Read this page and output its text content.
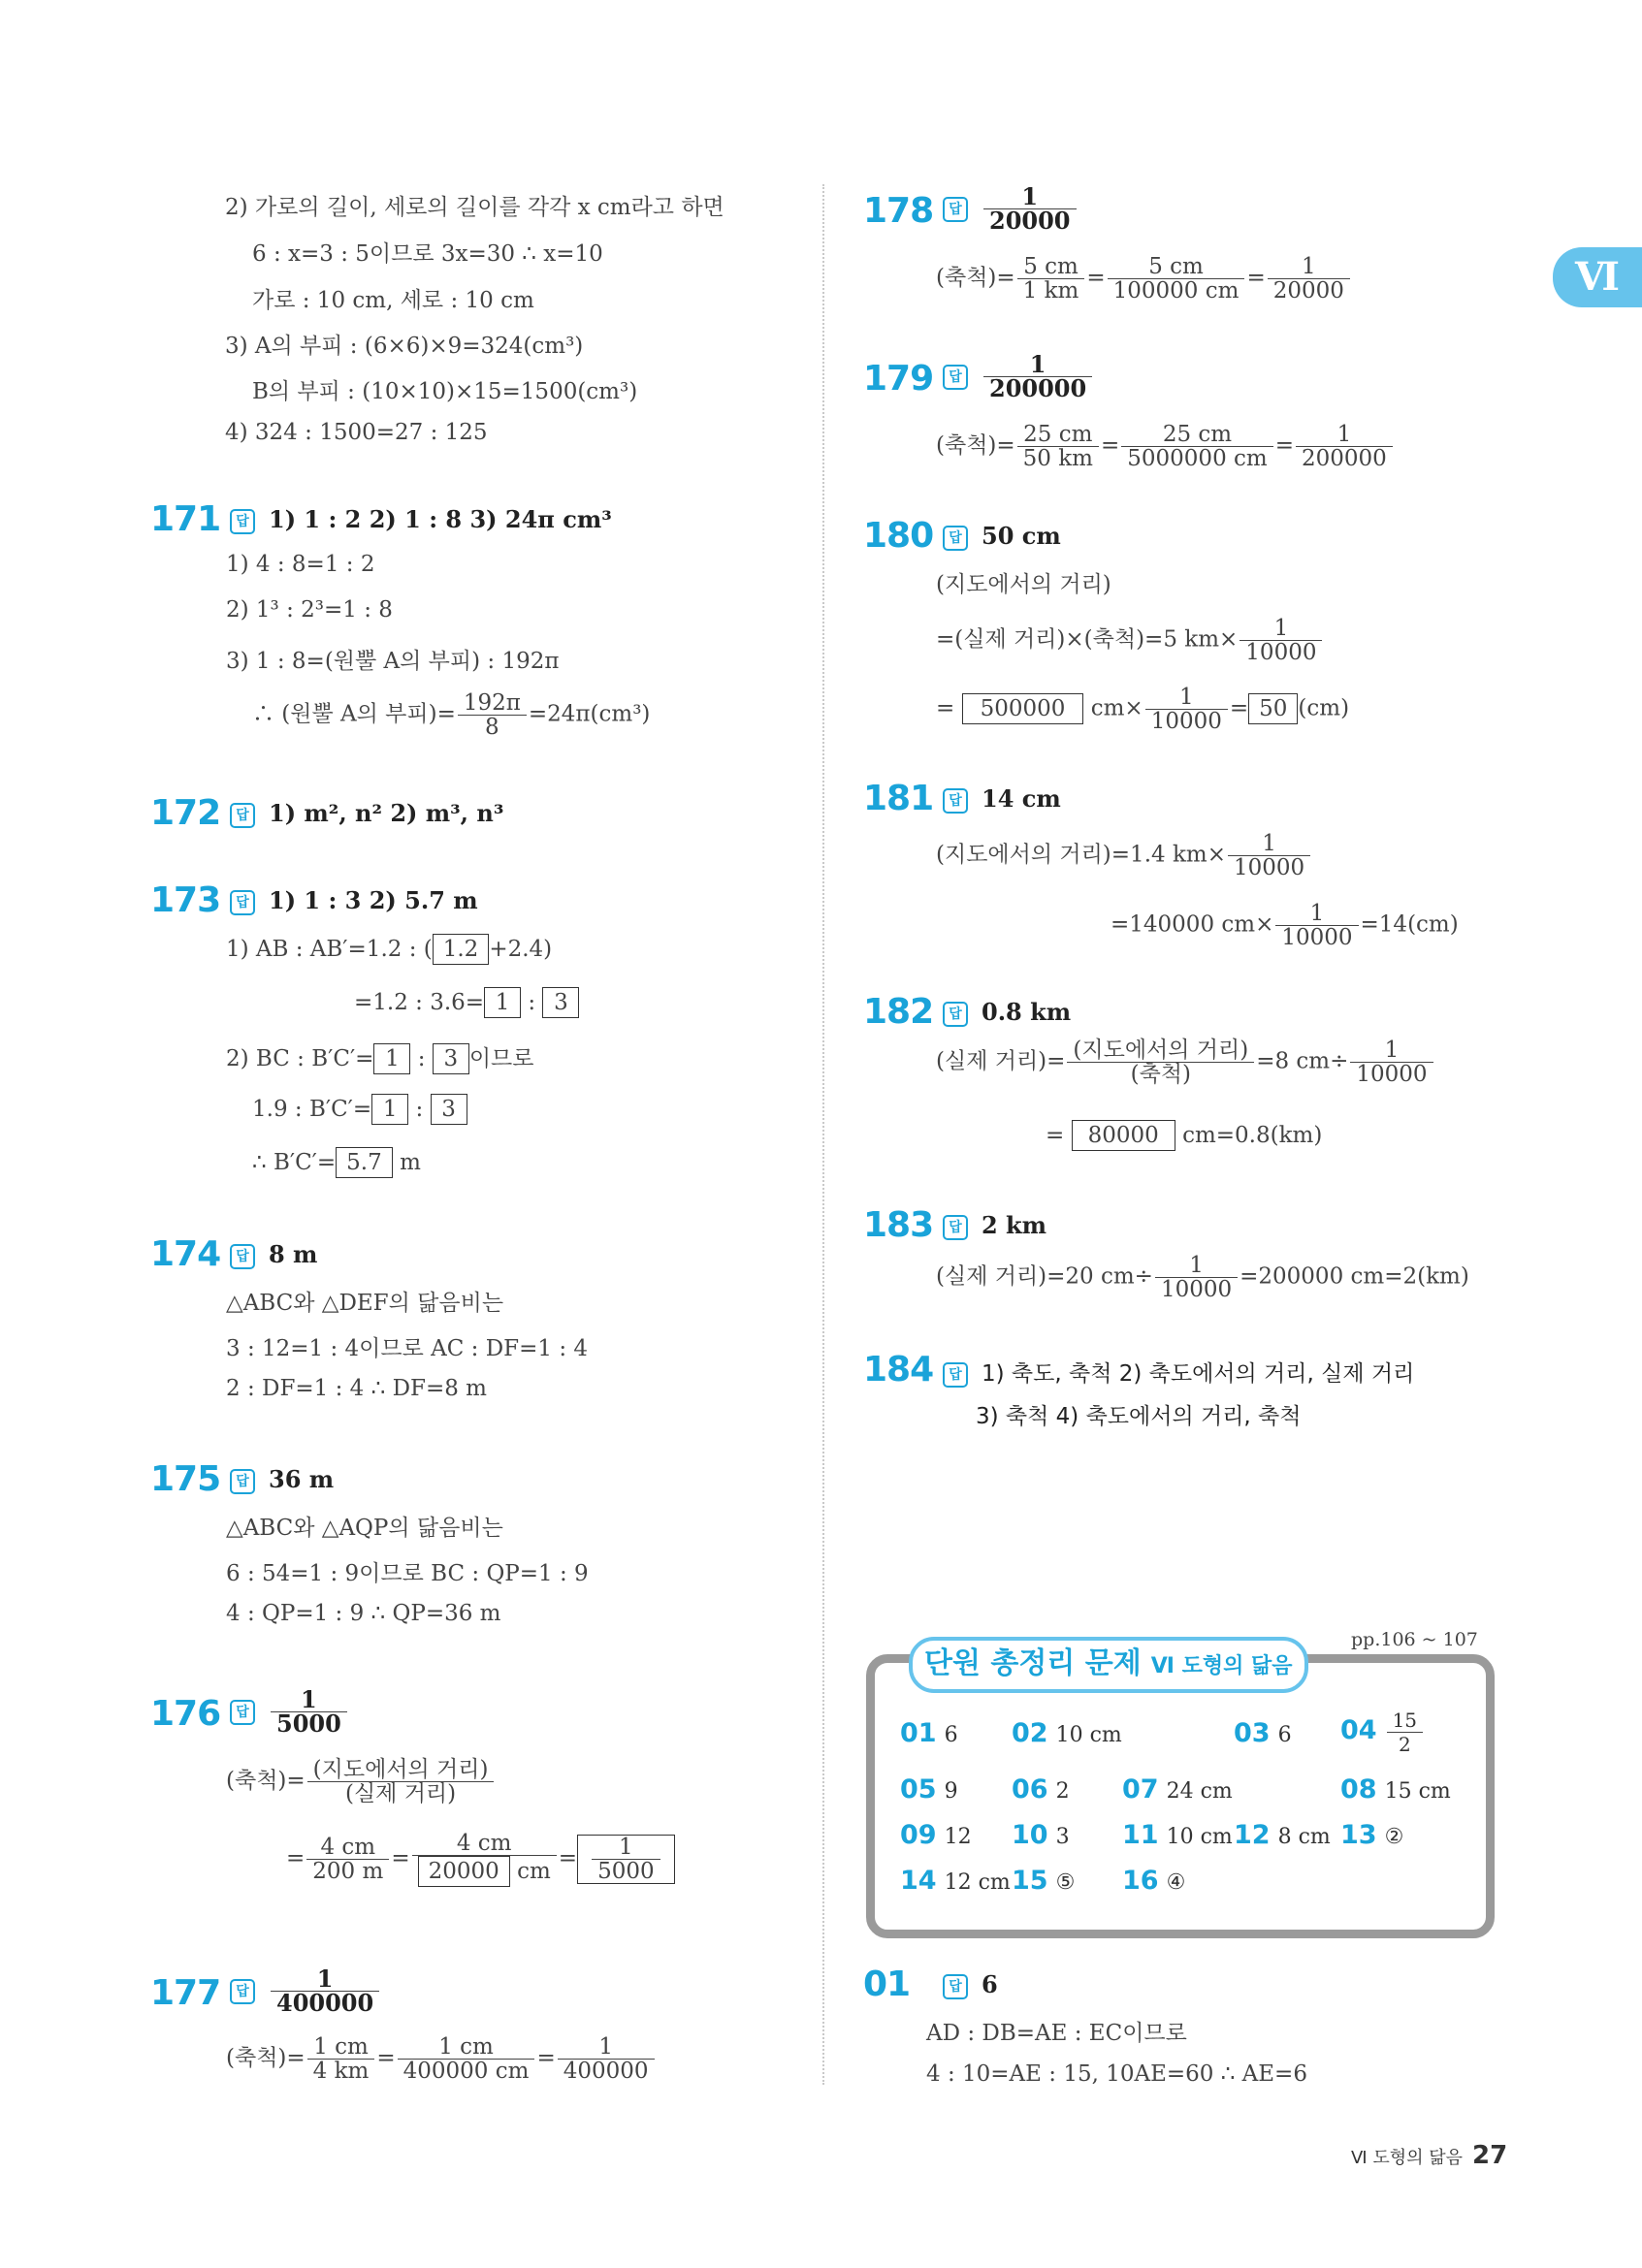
Ⅵ
2) 가로의 길이, 세로의 길이를 각각 x cm라고 하면
6 : x=3 : 5이므로 3x=30 ∴ x=10
가로 : 10 cm, 세로 : 10 cm
3) A의 부피 : (6×6)×9=324(cm³)
B의 부피 : (10×10)×15=1500(cm³)
4) 324 : 1500=27 : 125
171	답 1) 1 : 2 2) 1 : 8 3) 24π cm³
1) 4 : 8=1 : 2
2) 1³ : 2³=1 : 8
3) 1 : 8=(원뿔 A의 부피) : 192π
∴ (원뿔 A의 부피)= $\frac{192\pi}{8} =24\pi(cm^3)$
172	답 1) m², n² 2) m³, n³
173	답 1) 1 : 3 2) 5.7 m
1) AB : AB′=1.2 : ( 1.2 +2.4)
=1.2 : 3.6= 1 : 3
2) BC : B′C′= 1 : 3 이므로
1.9 : B′C′= 1 : 3
∴ B′C′= 5.7 m
174	답 8 m
△ABC와 △DEF의 닮음비는
3 : 12=1 : 4이므로 AC : DF=1 : 4
2 : DF=1 : 4 ∴ DF=8 m
175	답 36 m
△ABC와 △AQP의 닮음비는
6 : 54=1 : 9이므로 BC : QP=1 : 9
4 : QP=1 : 9 ∴ QP=36 m
176	답 $\frac{1}{5000}$
(축척)= $\frac{\text{(지도에서의 거리)}}{\text{(실제 거리)}}$
= $\frac{4 cm}{200 m} = \frac{4 cm}{20000 cm} = \frac{1}{5000}$
177	답 $\frac{1}{400000}$
(축척)= $\frac{1 cm}{4 km} = \frac{1 cm}{400000 cm} = \frac{1}{400000}$
178	답 $\frac{1}{20000}$
(축척)= $\frac{5 cm}{1 km} = \frac{5 cm}{100000 cm} = \frac{1}{20000}$
179	답 $\frac{1}{200000}$
(축척)= $\frac{25 cm}{50 km} = \frac{25 cm}{5000000 cm} = \frac{1}{200000}$
180	답 50 cm
(지도에서의 거리)
=(실제 거리)×(축척)=5 $km\times \frac{1}{10000}$
= 500000 $cm\times \frac{1}{10000} = 50$ (cm)
181	답 14 cm
(지도에서의 거리)=1.4 $km\times \frac{1}{10000}$
=140000 $cm\times \frac{1}{10000} =14(cm)$
182	답 0.8 km
(실제 거리)= $\frac{\text{(지도에서의 거리)}}{\text{(축척)}} =8$ $cm\div \frac{1}{10000}$
= 80000 cm=0.8(km)
183	답 2 km
(실제 거리)=20 $cm\div \frac{1}{10000} =200000$ cm=2(km)
184	답 1) 축도, 축척 2) 축도에서의 거리, 실제 거리
3) 축척 4) 축도에서의 거리, 축척
pp.106 ~ 107
단원 총정리 문제 Ⅵ 도형의 닮음
01 6 02 10 cm	03 6 $04 \frac{15}{2}$
05 9 06 2 07 24 cm	08 15 cm
09 12 10 3 11 10 cm 12 8 cm 13 ②
14 12 cm 15 ⑤ 16 ④
01	답 6
AD : DB=AE : EC이므로
4 : 10=AE : 15, 10AE=60 ∴ AE=6
Ⅵ 도형의 닮음 27
